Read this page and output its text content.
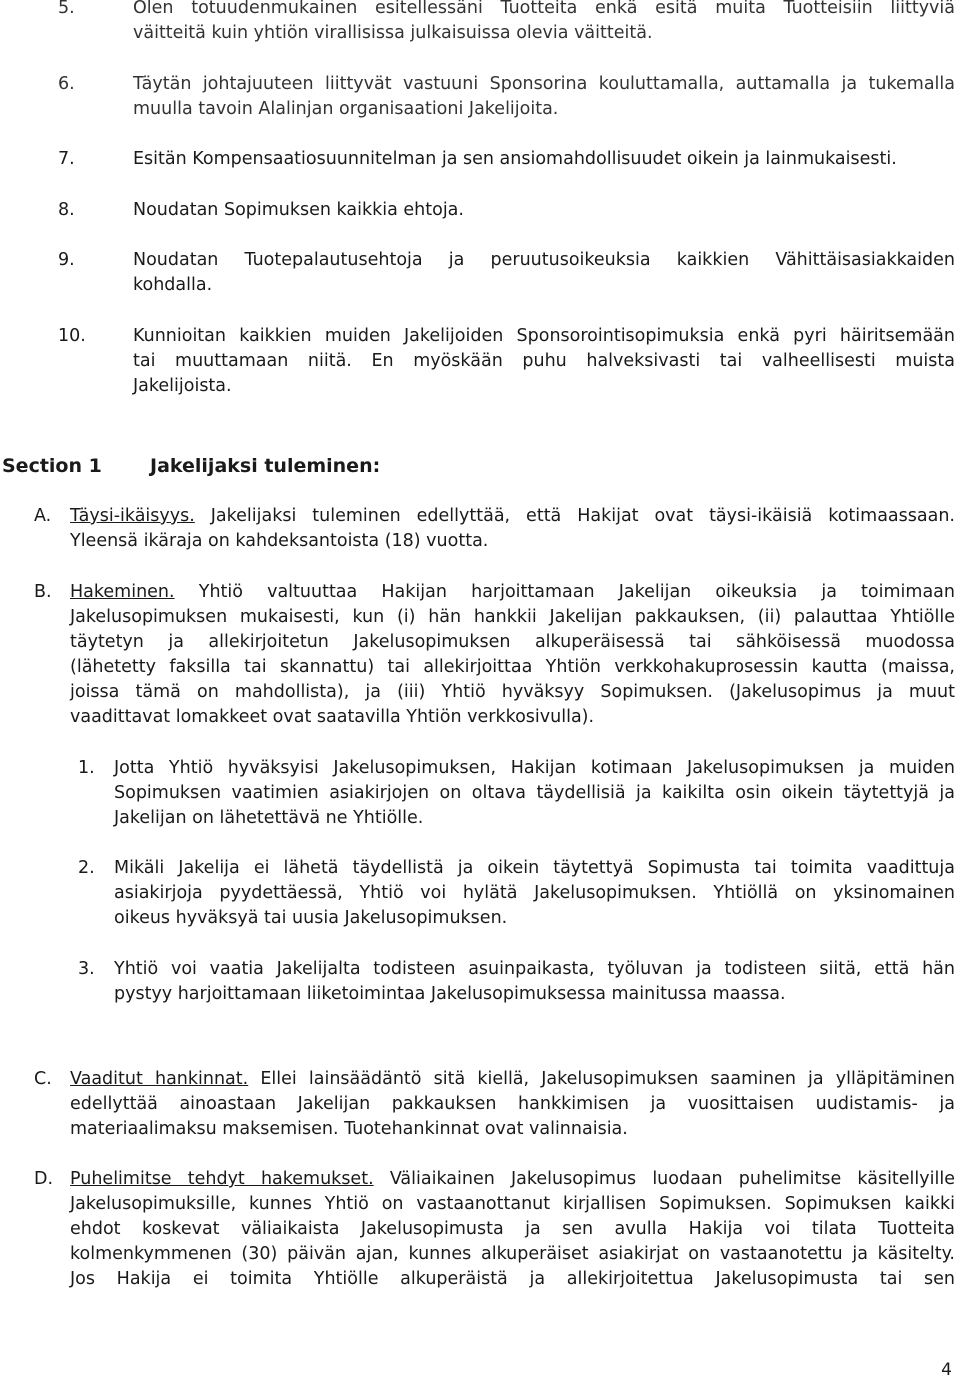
5.	Olen totuudenmukainen esitellessäni Tuotteita enkä esitä muita Tuotteisiin liittyviä
väitteitä kuin yhtiön virallisissa julkaisuissa olevia väitteitä.
6.	Täytän johtajuuteen liittyvät vastuuni Sponsorina kouluttamalla, auttamalla ja tukemalla
muulla tavoin Alalinjan organisaationi Jakelijoita.
7.	Esitän Kompensaatiosuunnitelman ja sen ansiomahdollisuudet oikein ja lainmukaisesti.
8.	Noudatan Sopimuksen kaikkia ehtoja.
9.	Noudatan Tuotepalautusehtoja ja peruutusoikeuksia kaikkien Vähittäisasiakkaiden
kohdalla.
10.	Kunnioitan kaikkien muiden Jakelijoiden Sponsorointisopimuksia enkä pyri häiritsemään
tai muuttamaan niitä. En myöskään puhu halveksivasti tai valheellisesti muista
Jakelijoista.
Section 1	Jakelijaksi tuleminen:
A. Täysi-ikäisyys. Jakelijaksi tuleminen edellyttää, että Hakijat ovat täysi-ikäisiä kotimaassaan.
Yleensä ikäraja on kahdeksantoista (18) vuotta.
B. Hakeminen. Yhtiö valtuuttaa Hakijan harjoittamaan Jakelijan oikeuksia ja toimimaan
Jakelusopimuksen mukaisesti, kun (i) hän hankkii Jakelijan pakkauksen, (ii) palauttaa Yhtiölle
täytetyn ja allekirjoitetun Jakelusopimuksen alkuperäisessä tai sähköisessä muodossa
(lähetetty faksilla tai skannattu) tai allekirjoittaa Yhtiön verkkohakuprosessin kautta (maissa,
joissa tämä on mahdollista), ja (iii) Yhtiö hyväksyy Sopimuksen. (Jakelusopimus ja muut
vaadittavat lomakkeet ovat saatavilla Yhtiön verkkosivulla).
1. Jotta Yhtiö hyväksyisi Jakelusopimuksen, Hakijan kotimaan Jakelusopimuksen ja muiden
Sopimuksen vaatimien asiakirjojen on oltava täydellisiä ja kaikilta osin oikein täytettyjä ja
Jakelijan on lähetettävä ne Yhtiölle.
2. Mikäli Jakelija ei lähetä täydellistä ja oikein täytettyä Sopimusta tai toimita vaadittuja
asiakirjoja pyydettäessä, Yhtiö voi hylätä Jakelusopimuksen. Yhtiöllä on yksinomainen
oikeus hyväksyä tai uusia Jakelusopimuksen.
3. Yhtiö voi vaatia Jakelijalta todisteen asuinpaikasta, työluvan ja todisteen siitä, että hän
pystyy harjoittamaan liiketoimintaa Jakelusopimuksessa mainitussa maassa.
C. Vaaditut hankinnat. Ellei lainsäädäntö sitä kiellä, Jakelusopimuksen saaminen ja ylläpitäminen
edellyttää ainoastaan Jakelijan pakkauksen hankkimisen ja vuosittaisen uudistamis- ja
materiaalimaksu maksemisen. Tuotehankinnat ovat valinnaisia.
D. Puhelimitse tehdyt hakemukset. Väliaikainen Jakelusopimus luodaan puhelimitse käsitellyille
Jakelusopimuksille, kunnes Yhtiö on vastaanottanut kirjallisen Sopimuksen. Sopimuksen kaikki
ehdot koskevat väliaikaista Jakelusopimusta ja sen avulla Hakija voi tilata Tuotteita
kolmenkymmenen (30) päivän ajan, kunnes alkuperäiset asiakirjat on vastaanotettu ja käsitelty.
Jos Hakija ei toimita Yhtiölle alkuperäistä ja allekirjoitettua Jakelusopimusta tai sen
4
